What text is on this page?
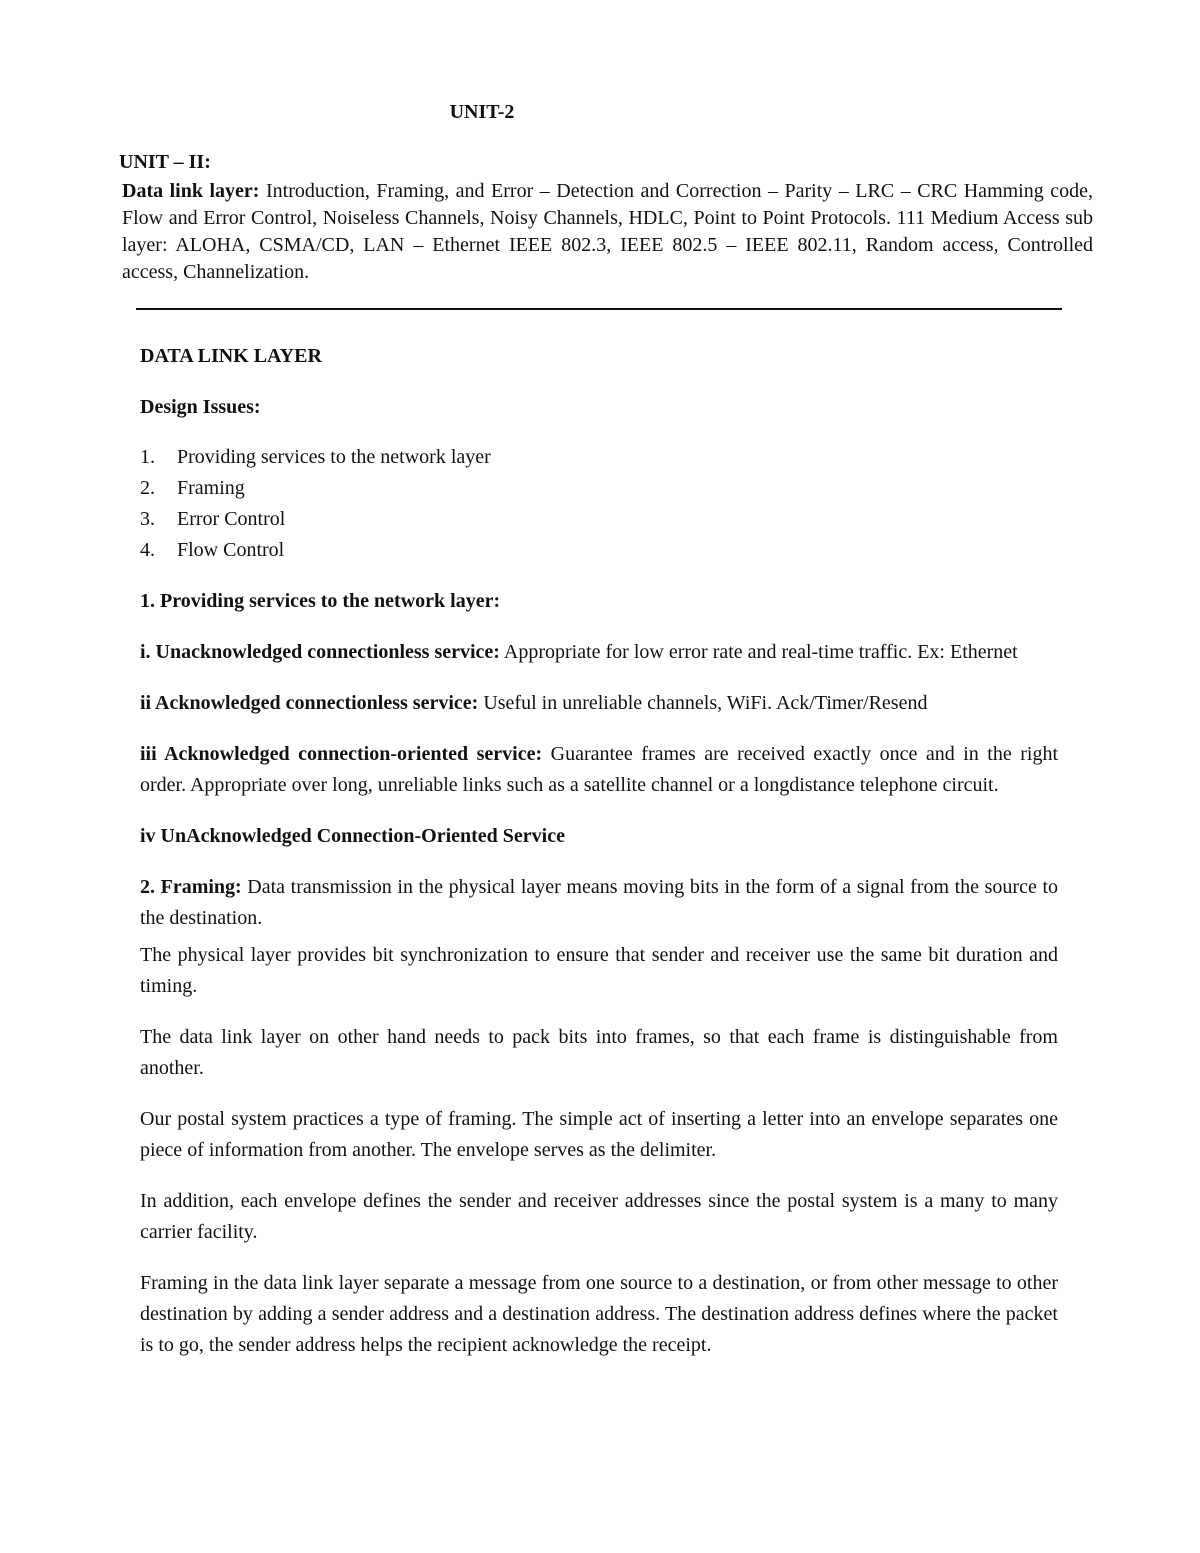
UNIT-2

UNIT – II:

Data link layer: Introduction, Framing, and Error – Detection and Correction – Parity – LRC – CRC Hamming code, Flow and Error Control, Noiseless Channels, Noisy Channels, HDLC, Point to Point Protocols. 111 Medium Access sub layer: ALOHA, CSMA/CD, LAN – Ethernet IEEE 802.3, IEEE 802.5 – IEEE 802.11, Random access, Controlled access, Channelization.

DATA LINK LAYER

Design Issues:

1.	Providing services to the network layer
2.	Framing
3.	Error Control
4.	Flow Control

1. Providing services to the network layer:

i. Unacknowledged connectionless service: Appropriate for low error rate and real-time traffic. Ex: Ethernet

ii Acknowledged connectionless service: Useful in unreliable channels, WiFi. Ack/Timer/Resend

iii Acknowledged connection-oriented service: Guarantee frames are received exactly once and in the right order. Appropriate over long, unreliable links such as a satellite channel or a longdistance telephone circuit.

iv UnAcknowledged Connection-Oriented Service

2. Framing: Data transmission in the physical layer means moving bits in the form of a signal from the source to the destination.

The physical layer provides bit synchronization to ensure that sender and receiver use the same bit duration and timing.

The data link layer on other hand needs to pack bits into frames, so that each frame is distinguishable from another.

Our postal system practices a type of framing. The simple act of inserting a letter into an envelope separates one piece of information from another. The envelope serves as the delimiter.

In addition, each envelope defines the sender and receiver addresses since the postal system is a many to many carrier facility.

Framing in the data link layer separate a message from one source to a destination, or from other message to other destination by adding a sender address and a destination address. The destination address defines where the packet is to go, the sender address helps the recipient acknowledge the receipt.
